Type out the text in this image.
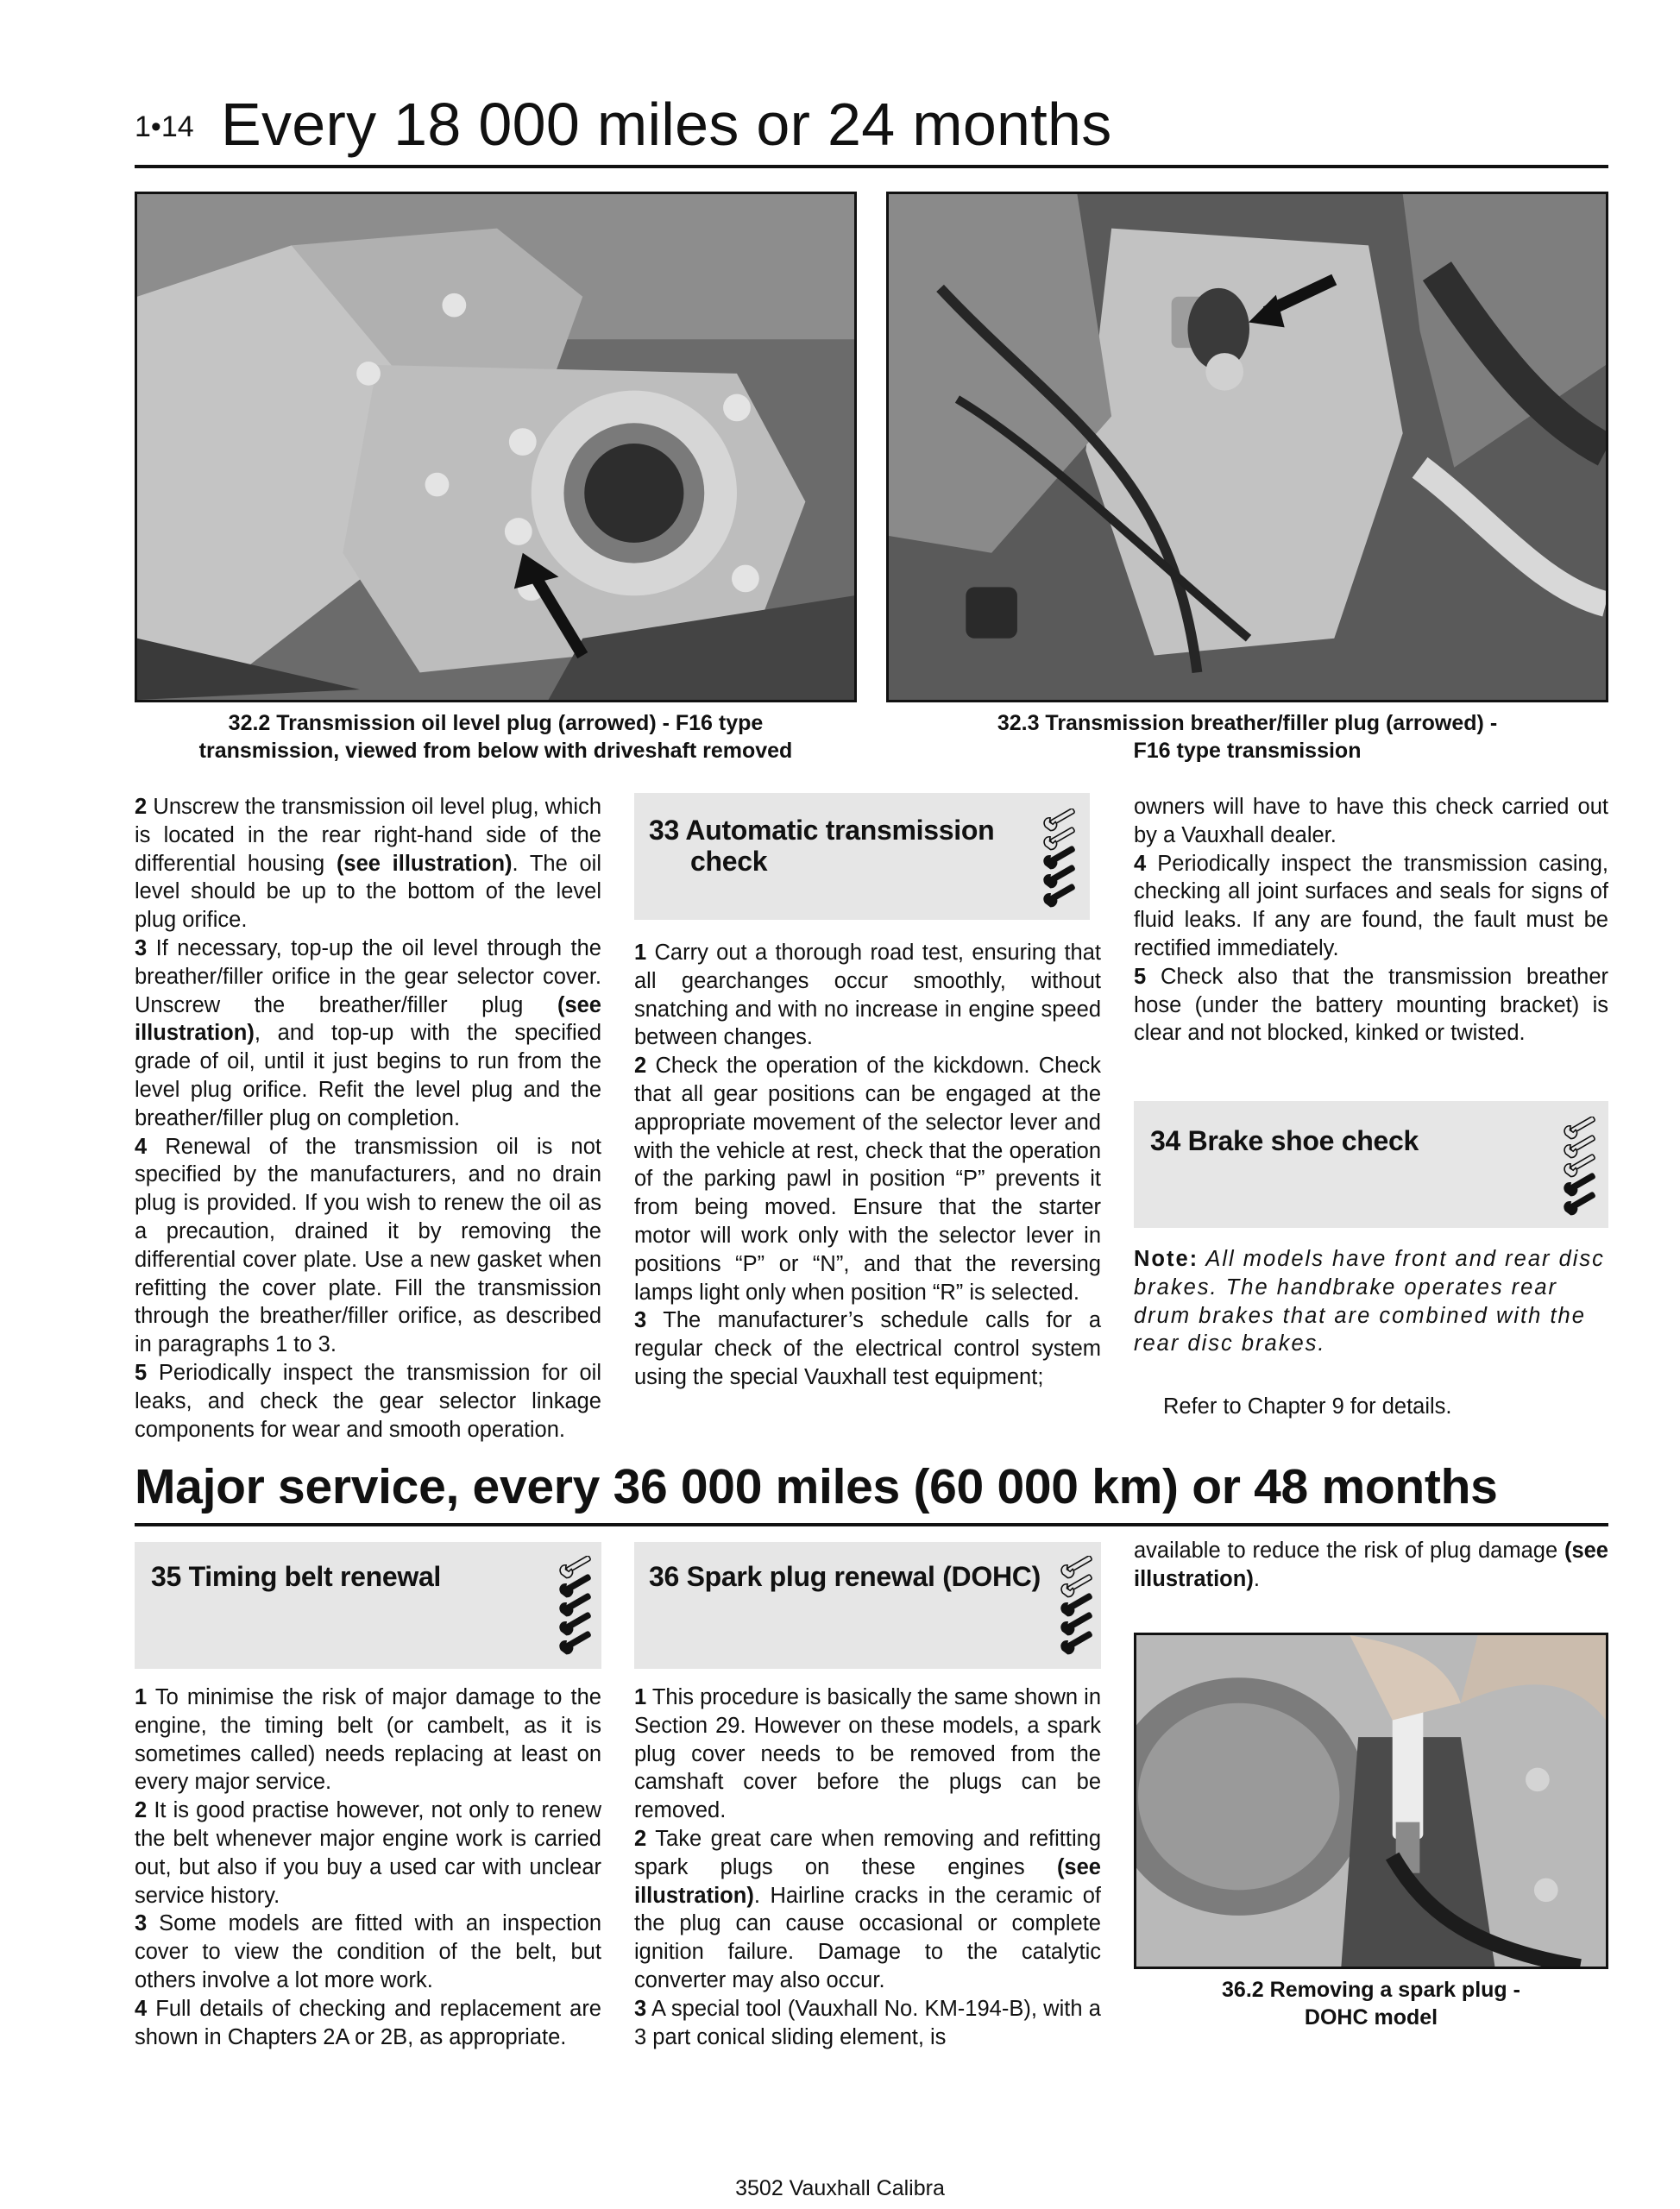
1•14 Every 18 000 miles or 24 months
32.2 Transmission oil level plug (arrowed) - F16 type
transmission, viewed from below with driveshaft removed
32.3 Transmission breather/filler plug (arrowed) -
F16 type transmission

2 Unscrew the transmission oil level plug, which is located in the rear right-hand side of the differential housing (see illustration). The oil level should be up to the bottom of the level plug orifice.

3 If necessary, top-up the oil level through the breather/filler orifice in the gear selector cover. Unscrew the breather/filler plug (see illustration), and top-up with the specified grade of oil, until it just begins to run from the level plug orifice. Refit the level plug and the breather/filler plug on completion.

4 Renewal of the transmission oil is not specified by the manufacturers, and no drain plug is provided. If you wish to renew the oil as a precaution, drained it by removing the differential cover plate. Use a new gasket when refitting the cover plate. Fill the transmission through the breather/filler orifice, as described in paragraphs 1 to 3.

5 Periodically inspect the transmission for oil leaks, and check the gear selector linkage components for wear and smooth operation.

33 Automatic transmission
check

1 Carry out a thorough road test, ensuring that all gearchanges occur smoothly, without snatching and with no increase in engine speed between changes.

2 Check the operation of the kickdown. Check that all gear positions can be engaged at the appropriate movement of the selector lever and with the vehicle at rest, check that the operation of the parking pawl in position “P” prevents it from being moved. Ensure that the starter motor will work only with the selector lever in positions “P” or “N”, and that the reversing lamps light only when position “R” is selected.

3 The manufacturer’s schedule calls for a regular check of the electrical control system using the special Vauxhall test equipment;

owners will have to have this check carried out by a Vauxhall dealer.

4 Periodically inspect the transmission casing, checking all joint surfaces and seals for signs of fluid leaks. If any are found, the fault must be rectified immediately.

5 Check also that the transmission breather hose (under the battery mounting bracket) is clear and not blocked, kinked or twisted.

34 Brake shoe check
Note: All models have front and rear disc brakes. The handbrake operates rear drum brakes that are combined with the rear disc brakes.
Refer to Chapter 9 for details.
Major service, every 36 000 miles (60 000 km) or 48 months
35 Timing belt renewal

1 To minimise the risk of major damage to the engine, the timing belt (or cambelt, as it is sometimes called) needs replacing at least on every major service.

2 It is good practise however, not only to renew the belt whenever major engine work is carried out, but also if you buy a used car with unclear service history.

3 Some models are fitted with an inspection cover to view the condition of the belt, but others involve a lot more work.

4 Full details of checking and replacement are shown in Chapters 2A or 2B, as appropriate.

36 Spark plug renewal (DOHC)

1 This procedure is basically the same shown in Section 29. However on these models, a spark plug cover needs to be removed from the camshaft cover before the plugs can be removed.

2 Take great care when removing and refitting spark plugs on these engines (see illustration). Hairline cracks in the ceramic of the plug can cause occasional or complete ignition failure. Damage to the catalytic converter may also occur.

3 A special tool (Vauxhall No. KM-194-B), with a 3 part conical sliding element, is

available to reduce the risk of plug damage (see illustration).

36.2 Removing a spark plug -
DOHC model
3502 Vauxhall Calibra
